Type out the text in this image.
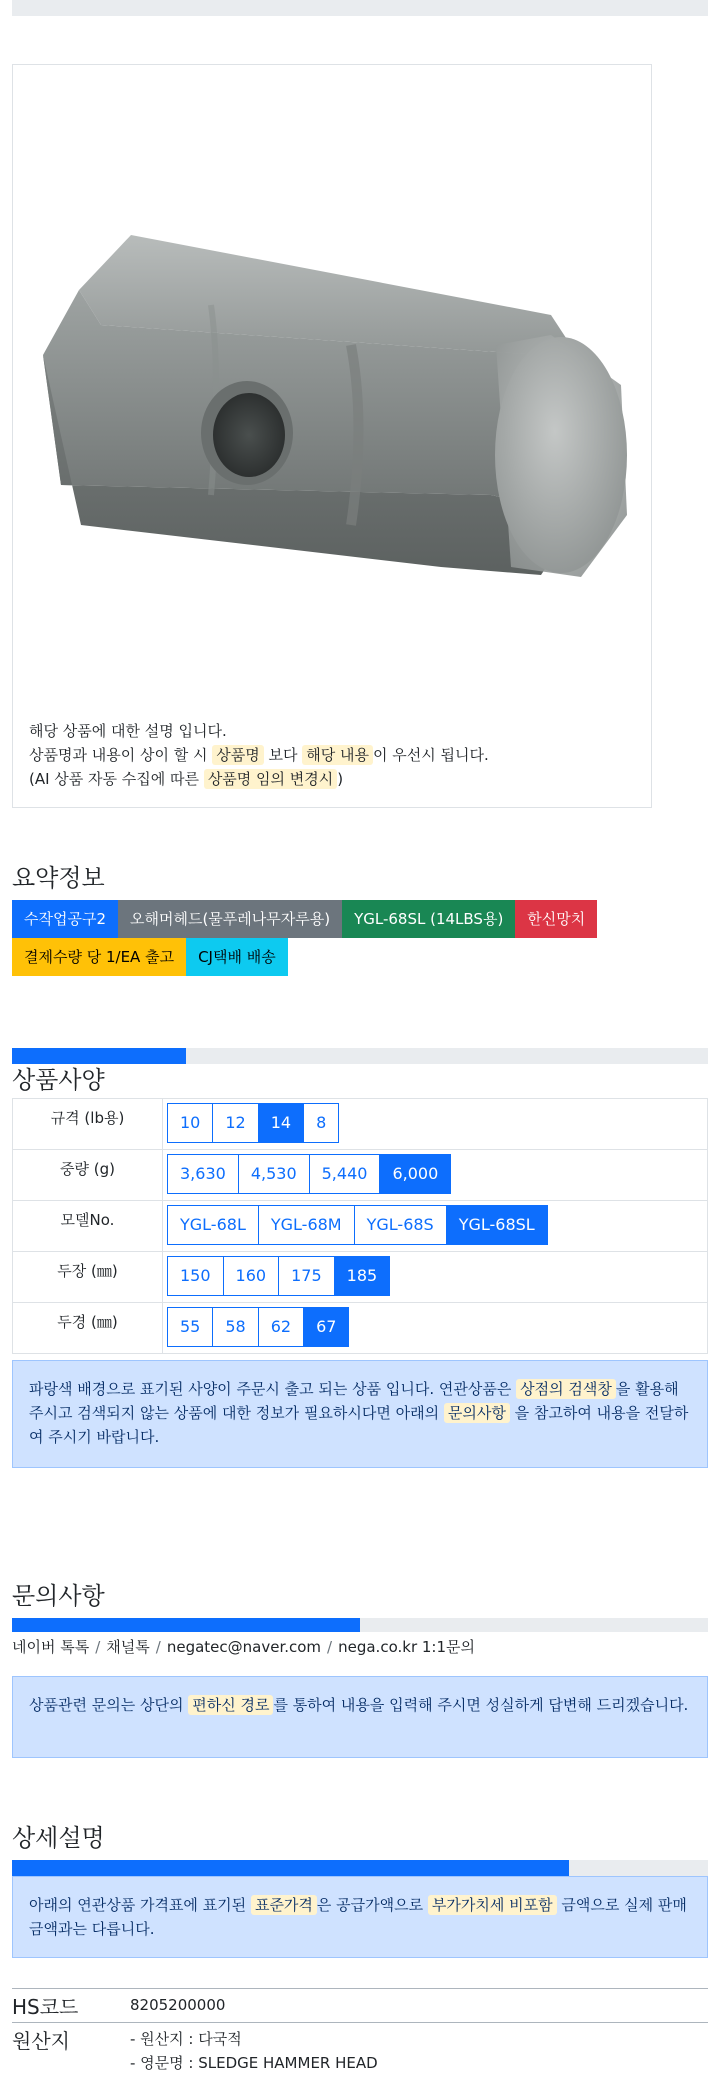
해당 상품에 대한 설명 입니다.
상품명과 내용이 상이 할 시 상품명 보다 해당 내용 이 우선시 됩니다.
(AI 상품 자동 수집에 따른 상품명 임의 변경시 )
요약정보
수작업공구2	오해머헤드(물푸레나무자루용)	YGL-68SL (14LBS용)	한신망치
결제수량 당 1/EA 출고	CJ택배 배송
상품사양
규격 (lb용)	10 12 14 8

중량 (g)	3,630 4,530 5,440 6,000

모델No.	YGL-68L YGL-68M YGL-68S YGL-68SL

두장 (㎜)	150 160 175 185

두경 (㎜)	55 58 62 67
파랑색 배경으로 표기된 사양이 주문시 출고 되는 상품 입니다. 연관상품은 상점의 검색창 을 활용해 주시고 검색되지 않는 상품에 대한 정보가 필요하시다면 아래의 문의사항 을 참고하여 내용을 전달하여 주시기 바랍니다.
문의사항
네이버 톡톡 / 채널톡 / negatec@naver.com / nega.co.kr 1:1문의
상품관련 문의는 상단의 편하신 경로 를 통하여 내용을 입력해 주시면 성실하게 답변해 드리겠습니다.
상세설명
아래의 연관상품 가격표에 표기된 표준가격 은 공급가액으로 부가가치세 비포함 금액으로 실제 판매금액과는 다릅니다.
HS코드	8205200000
원산지	- 원산지 : 다국적
- 영문명 : SLEDGE HAMMER HEAD
